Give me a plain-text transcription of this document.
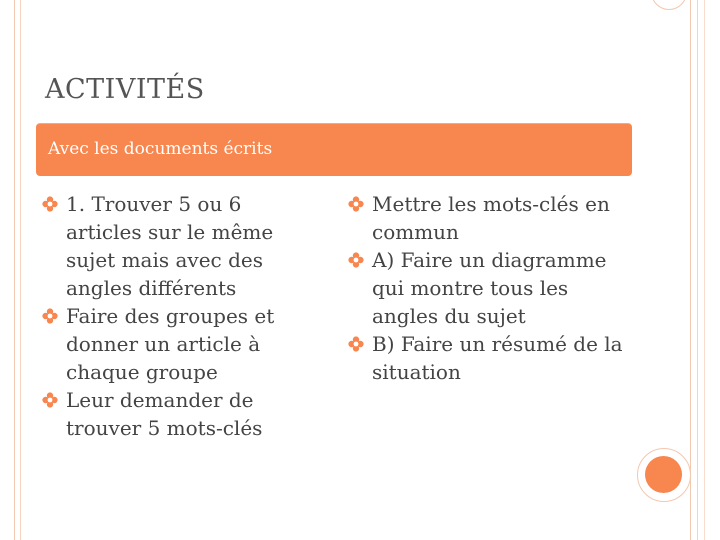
ACTIVITÉS
Avec les documents écrits

1. Trouver 5 ou 6 articles sur le même sujet mais avec des angles différents

Faire des groupes et donner un article à chaque groupe

Leur demander de trouver 5 mots-clés

Mettre les mots-clés en commun

A) Faire un diagramme qui montre tous les angles du sujet

B) Faire un résumé de la situation
